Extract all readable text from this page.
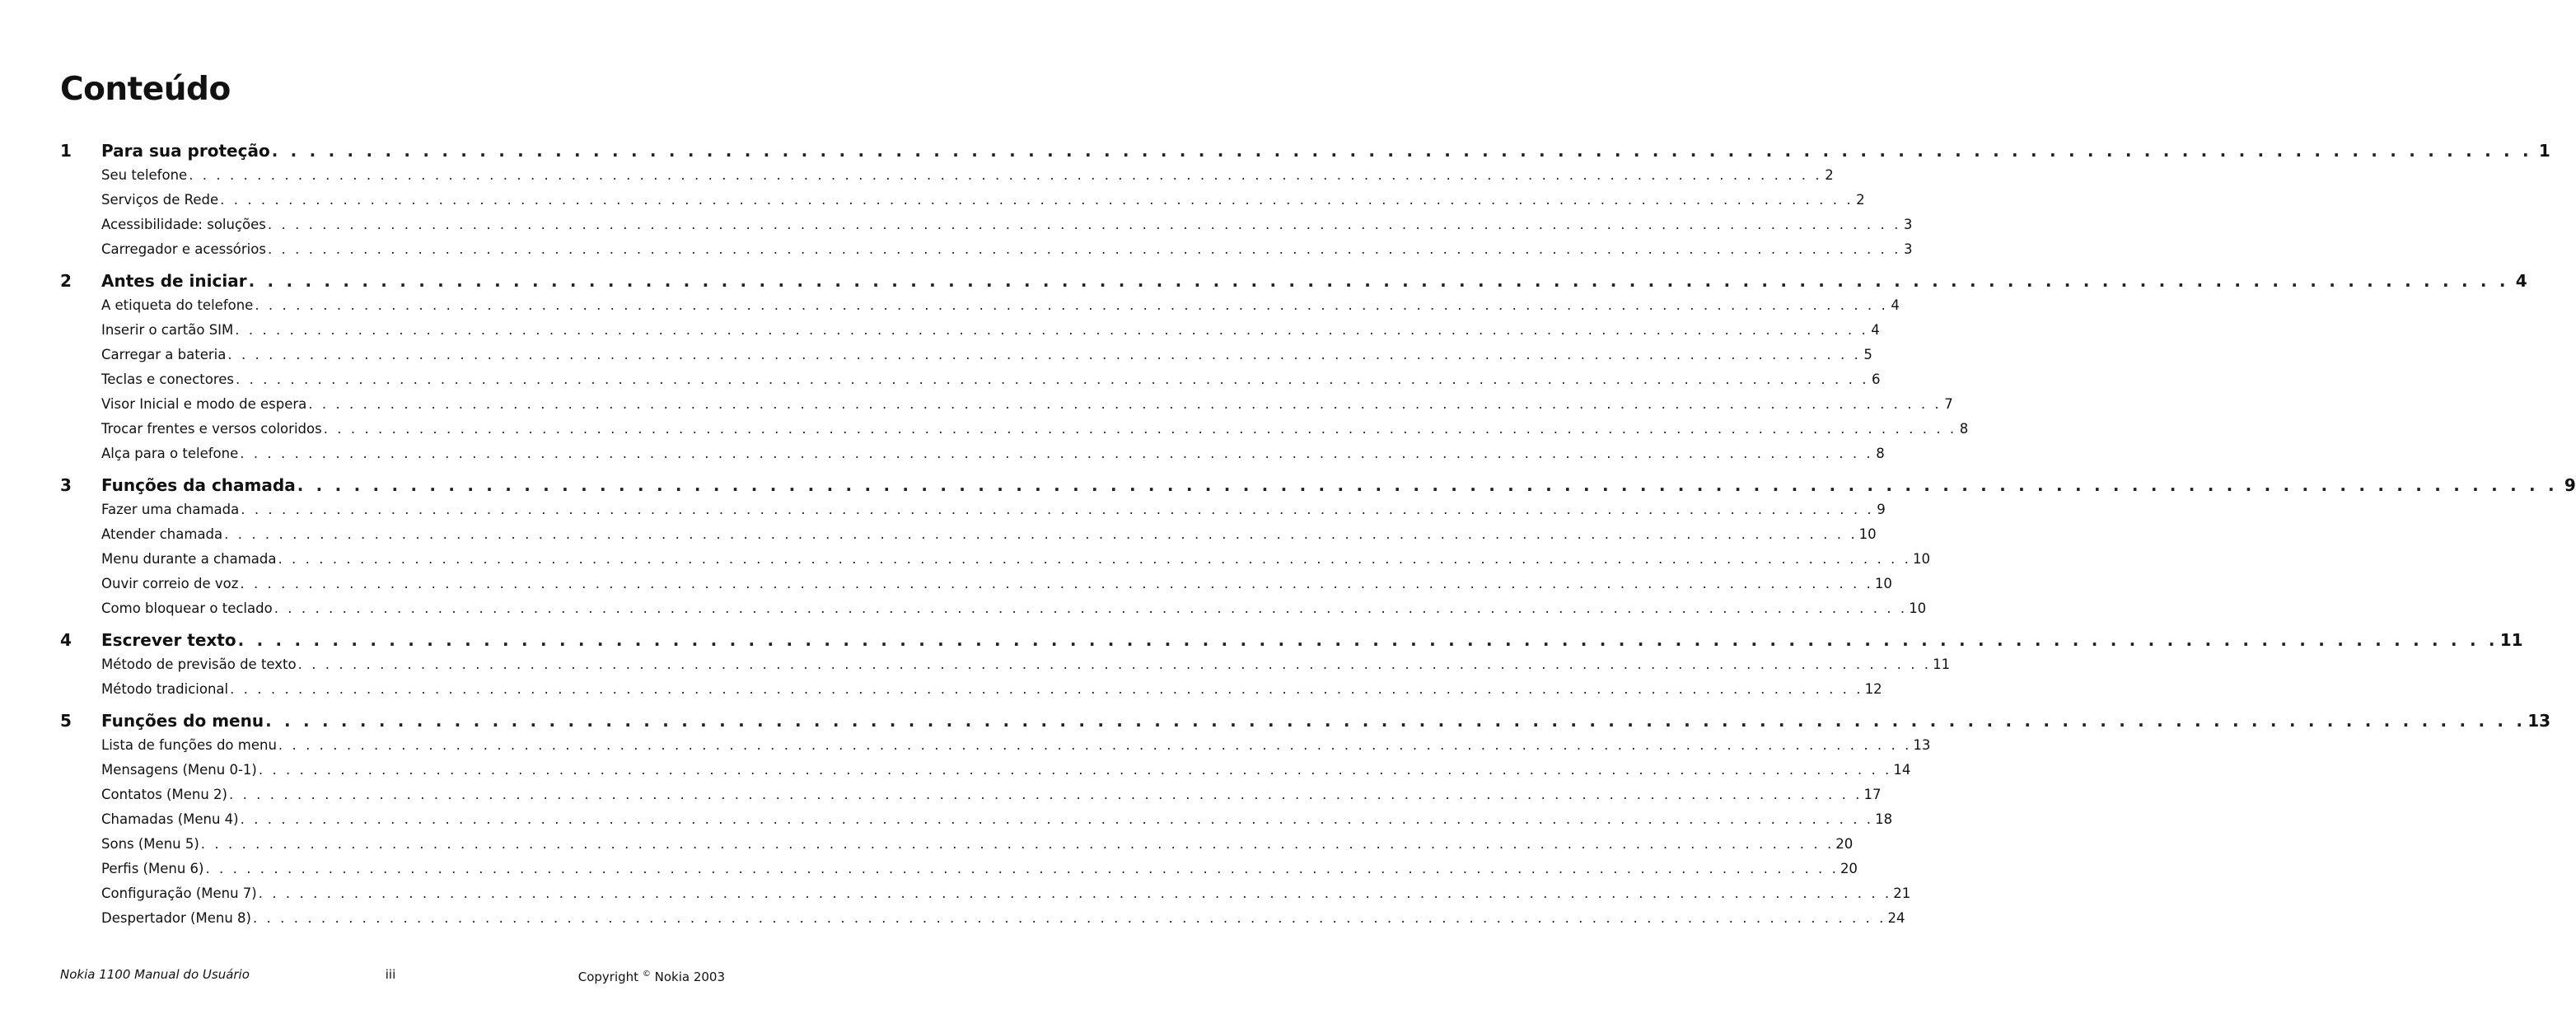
Conteúdo
1 Para sua proteção . . . . . . . . . . . . . . . . . . . . . . . . . . . . . . . . . . . . . . . . . . . . . . . . . . . . . . . . . . . . . . . . . . . . . . . . . . . . . . . . . . . . . . . . . . . . . . . . . . . . . . . . . . . . . . . . . . . . . . . . 1
Seu telefone . . . . . . . . . . . . . . . . . . . . . . . . . . . . . . . . . . . . . . . . . . . . . . . . . . . . . . . . . . . . . . . . . . . . . . . . . . . . . . . . . . . . . . . . . . . . . . . . . . . . . . . . . . . . . . . . . . . . . . . . 2
Serviços de Rede . . . . . . . . . . . . . . . . . . . . . . . . . . . . . . . . . . . . . . . . . . . . . . . . . . . . . . . . . . . . . . . . . . . . . . . . . . . . . . . . . . . . . . . . . . . . . . . . . . . . . . . . . . . . . . . . . . . . . . . . 2
Acessibilidade: soluções . . . . . . . . . . . . . . . . . . . . . . . . . . . . . . . . . . . . . . . . . . . . . . . . . . . . . . . . . . . . . . . . . . . . . . . . . . . . . . . . . . . . . . . . . . . . . . . . . . . . . . . . . . . . . . . . . . . . . . . . 3
Carregador e acessórios . . . . . . . . . . . . . . . . . . . . . . . . . . . . . . . . . . . . . . . . . . . . . . . . . . . . . . . . . . . . . . . . . . . . . . . . . . . . . . . . . . . . . . . . . . . . . . . . . . . . . . . . . . . . . . . . . . . . . . . . 3
2 Antes de iniciar . . . . . . . . . . . . . . . . . . . . . . . . . . . . . . . . . . . . . . . . . . . . . . . . . . . . . . . . . . . . . . . . . . . . . . . . . . . . . . . . . . . . . . . . . . . . . . . . . . . . . . . . . . . . . . . . . . . . . . . . 4
A etiqueta do telefone . . . . . . . . . . . . . . . . . . . . . . . . . . . . . . . . . . . . . . . . . . . . . . . . . . . . . . . . . . . . . . . . . . . . . . . . . . . . . . . . . . . . . . . . . . . . . . . . . . . . . . . . . . . . . . . . . . . . . . . . 4
Inserir o cartão SIM . . . . . . . . . . . . . . . . . . . . . . . . . . . . . . . . . . . . . . . . . . . . . . . . . . . . . . . . . . . . . . . . . . . . . . . . . . . . . . . . . . . . . . . . . . . . . . . . . . . . . . . . . . . . . . . . . . . . . . . . 4
Carregar a bateria . . . . . . . . . . . . . . . . . . . . . . . . . . . . . . . . . . . . . . . . . . . . . . . . . . . . . . . . . . . . . . . . . . . . . . . . . . . . . . . . . . . . . . . . . . . . . . . . . . . . . . . . . . . . . . . . . . . . . . . . 5
Teclas e conectores . . . . . . . . . . . . . . . . . . . . . . . . . . . . . . . . . . . . . . . . . . . . . . . . . . . . . . . . . . . . . . . . . . . . . . . . . . . . . . . . . . . . . . . . . . . . . . . . . . . . . . . . . . . . . . . . . . . . . . . . 6
Visor Inicial e modo de espera . . . . . . . . . . . . . . . . . . . . . . . . . . . . . . . . . . . . . . . . . . . . . . . . . . . . . . . . . . . . . . . . . . . . . . . . . . . . . . . . . . . . . . . . . . . . . . . . . . . . . . . . . . . . . . . . . . . . . . . . 7
Trocar frentes e versos coloridos . . . . . . . . . . . . . . . . . . . . . . . . . . . . . . . . . . . . . . . . . . . . . . . . . . . . . . . . . . . . . . . . . . . . . . . . . . . . . . . . . . . . . . . . . . . . . . . . . . . . . . . . . . . . . . . . . . . . . . . . 8
Alça para o telefone . . . . . . . . . . . . . . . . . . . . . . . . . . . . . . . . . . . . . . . . . . . . . . . . . . . . . . . . . . . . . . . . . . . . . . . . . . . . . . . . . . . . . . . . . . . . . . . . . . . . . . . . . . . . . . . . . . . . . . . . 8
3 Funções da chamada . . . . . . . . . . . . . . . . . . . . . . . . . . . . . . . . . . . . . . . . . . . . . . . . . . . . . . . . . . . . . . . . . . . . . . . . . . . . . . . . . . . . . . . . . . . . . . . . . . . . . . . . . . . . . . . . . . . . . . . . 9
Fazer uma chamada . . . . . . . . . . . . . . . . . . . . . . . . . . . . . . . . . . . . . . . . . . . . . . . . . . . . . . . . . . . . . . . . . . . . . . . . . . . . . . . . . . . . . . . . . . . . . . . . . . . . . . . . . . . . . . . . . . . . . . . . 9
Atender chamada . . . . . . . . . . . . . . . . . . . . . . . . . . . . . . . . . . . . . . . . . . . . . . . . . . . . . . . . . . . . . . . . . . . . . . . . . . . . . . . . . . . . . . . . . . . . . . . . . . . . . . . . . . . . . . . . . . . . . . . . 10
Menu durante a chamada . . . . . . . . . . . . . . . . . . . . . . . . . . . . . . . . . . . . . . . . . . . . . . . . . . . . . . . . . . . . . . . . . . . . . . . . . . . . . . . . . . . . . . . . . . . . . . . . . . . . . . . . . . . . . . . . . . . . . . . . 10
Ouvir correio de voz . . . . . . . . . . . . . . . . . . . . . . . . . . . . . . . . . . . . . . . . . . . . . . . . . . . . . . . . . . . . . . . . . . . . . . . . . . . . . . . . . . . . . . . . . . . . . . . . . . . . . . . . . . . . . . . . . . . . . . . . 10
Como bloquear o teclado . . . . . . . . . . . . . . . . . . . . . . . . . . . . . . . . . . . . . . . . . . . . . . . . . . . . . . . . . . . . . . . . . . . . . . . . . . . . . . . . . . . . . . . . . . . . . . . . . . . . . . . . . . . . . . . . . . . . . . . . 10
4 Escrever texto . . . . . . . . . . . . . . . . . . . . . . . . . . . . . . . . . . . . . . . . . . . . . . . . . . . . . . . . . . . . . . . . . . . . . . . . . . . . . . . . . . . . . . . . . . . . . . . . . . . . . . . . . . . . . . . . . . . . . . . . 11
Método de previsão de texto . . . . . . . . . . . . . . . . . . . . . . . . . . . . . . . . . . . . . . . . . . . . . . . . . . . . . . . . . . . . . . . . . . . . . . . . . . . . . . . . . . . . . . . . . . . . . . . . . . . . . . . . . . . . . . . . . . . . . . . . 11
Método tradicional . . . . . . . . . . . . . . . . . . . . . . . . . . . . . . . . . . . . . . . . . . . . . . . . . . . . . . . . . . . . . . . . . . . . . . . . . . . . . . . . . . . . . . . . . . . . . . . . . . . . . . . . . . . . . . . . . . . . . . . . 12
5 Funções do menu . . . . . . . . . . . . . . . . . . . . . . . . . . . . . . . . . . . . . . . . . . . . . . . . . . . . . . . . . . . . . . . . . . . . . . . . . . . . . . . . . . . . . . . . . . . . . . . . . . . . . . . . . . . . . . . . . . . . . . . . 13
Lista de funções do menu . . . . . . . . . . . . . . . . . . . . . . . . . . . . . . . . . . . . . . . . . . . . . . . . . . . . . . . . . . . . . . . . . . . . . . . . . . . . . . . . . . . . . . . . . . . . . . . . . . . . . . . . . . . . . . . . . . . . . . . . 13
Mensagens (Menu 0-1) . . . . . . . . . . . . . . . . . . . . . . . . . . . . . . . . . . . . . . . . . . . . . . . . . . . . . . . . . . . . . . . . . . . . . . . . . . . . . . . . . . . . . . . . . . . . . . . . . . . . . . . . . . . . . . . . . . . . . . . . 14
Contatos (Menu 2) . . . . . . . . . . . . . . . . . . . . . . . . . . . . . . . . . . . . . . . . . . . . . . . . . . . . . . . . . . . . . . . . . . . . . . . . . . . . . . . . . . . . . . . . . . . . . . . . . . . . . . . . . . . . . . . . . . . . . . . . 17
Chamadas (Menu 4) . . . . . . . . . . . . . . . . . . . . . . . . . . . . . . . . . . . . . . . . . . . . . . . . . . . . . . . . . . . . . . . . . . . . . . . . . . . . . . . . . . . . . . . . . . . . . . . . . . . . . . . . . . . . . . . . . . . . . . . . 18
Sons (Menu 5) . . . . . . . . . . . . . . . . . . . . . . . . . . . . . . . . . . . . . . . . . . . . . . . . . . . . . . . . . . . . . . . . . . . . . . . . . . . . . . . . . . . . . . . . . . . . . . . . . . . . . . . . . . . . . . . . . . . . . . . . 20
Perfis (Menu 6) . . . . . . . . . . . . . . . . . . . . . . . . . . . . . . . . . . . . . . . . . . . . . . . . . . . . . . . . . . . . . . . . . . . . . . . . . . . . . . . . . . . . . . . . . . . . . . . . . . . . . . . . . . . . . . . . . . . . . . . . 20
Configuração (Menu 7) . . . . . . . . . . . . . . . . . . . . . . . . . . . . . . . . . . . . . . . . . . . . . . . . . . . . . . . . . . . . . . . . . . . . . . . . . . . . . . . . . . . . . . . . . . . . . . . . . . . . . . . . . . . . . . . . . . . . . . . . 21
Despertador (Menu 8) . . . . . . . . . . . . . . . . . . . . . . . . . . . . . . . . . . . . . . . . . . . . . . . . . . . . . . . . . . . . . . . . . . . . . . . . . . . . . . . . . . . . . . . . . . . . . . . . . . . . . . . . . . . . . . . . . . . . . . . . 24
Nokia 1100 Manual do Usuário	iii	Copyright © Nokia 2003
